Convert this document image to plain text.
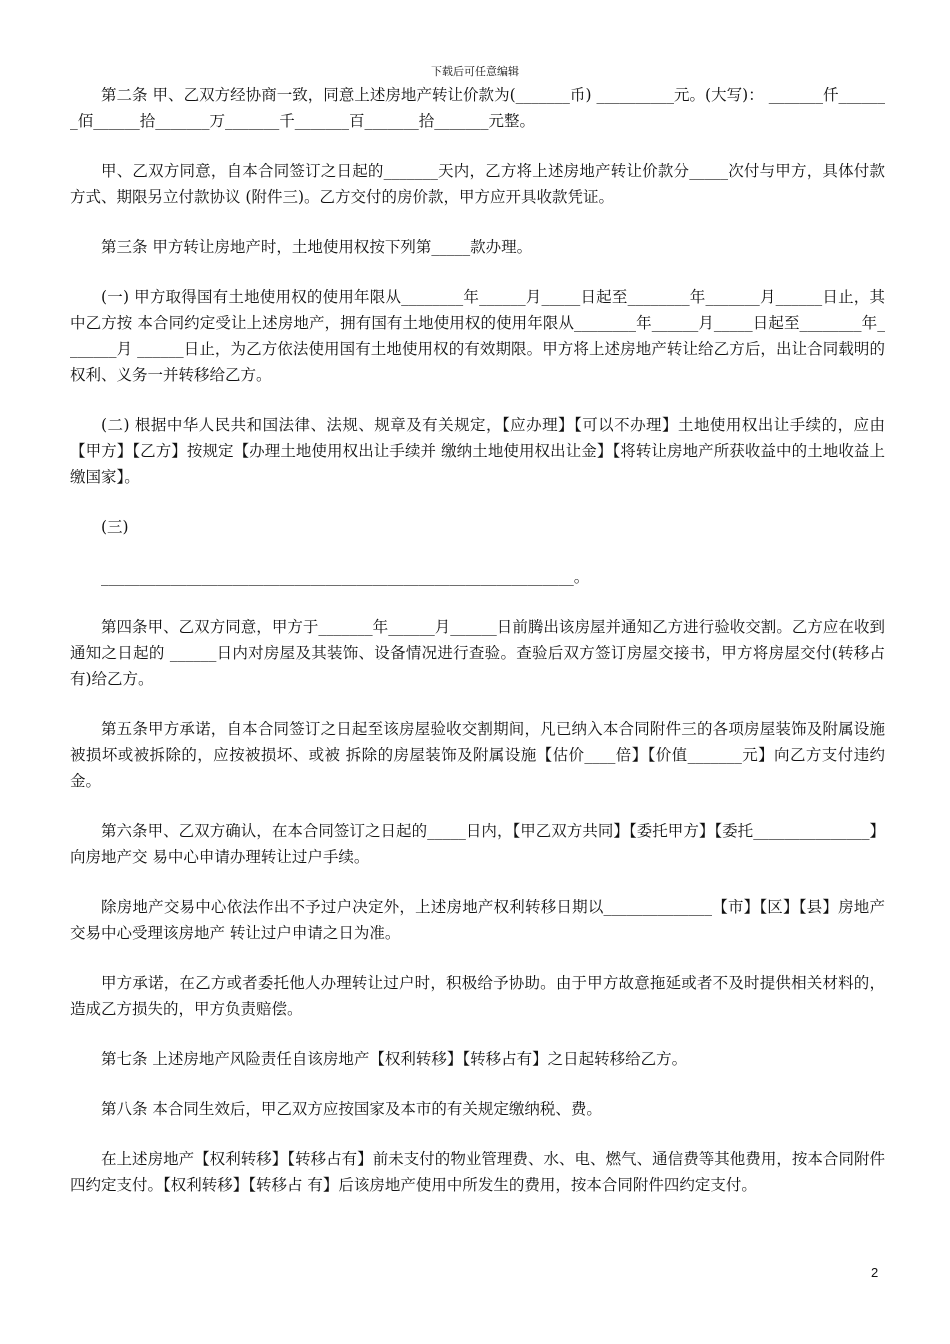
下载后可任意编辑

第二条 甲、乙双方经协商一致，同意上述房地产转让价款为(_______币) __________元。(大写)： _______仟_______佰______拾_______万_______千_______百_______拾_______元整。

甲、乙双方同意，自本合同签订之日起的_______天内，乙方将上述房地产转让价款分_____次付与甲方，具体付款方式、期限另立付款协议 (附件三)。乙方交付的房价款，甲方应开具收款凭证。

第三条 甲方转让房地产时，土地使用权按下列第_____款办理。

(一) 甲方取得国有土地使用权的使用年限从________年______月_____日起至________年_______月______日止，其中乙方按 本合同约定受让上述房地产，拥有国有土地使用权的使用年限从________年______月_____日起至________年_______月 ______日止，为乙方依法使用国有土地使用权的有效期限。甲方将上述房地产转让给乙方后，出让合同载明的权利、义务一并转移给乙方。

(二) 根据中华人民共和国法律、法规、规章及有关规定，【应办理】【可以不办理】土地使用权出让手续的，应由【甲方】【乙方】按规定【办理土地使用权出让手续并 缴纳土地使用权出让金】【将转让房地产所获收益中的土地收益上缴国家】。

(三)

_____________________________________________________________。

第四条甲、乙双方同意，甲方于_______年______月______日前腾出该房屋并通知乙方进行验收交割。乙方应在收到通知之日起的 ______日内对房屋及其装饰、设备情况进行查验。查验后双方签订房屋交接书，甲方将房屋交付(转移占有)给乙方。

第五条甲方承诺，自本合同签订之日起至该房屋验收交割期间，凡已纳入本合同附件三的各项房屋装饰及附属设施被损坏或被拆除的，应按被损坏、或被 拆除的房屋装饰及附属设施【估价____倍】【价值_______元】向乙方支付违约金。

第六条甲、乙双方确认，在本合同签订之日起的_____日内，【甲乙双方共同】【委托甲方】【委托_______________】向房地产交 易中心申请办理转让过户手续。

除房地产交易中心依法作出不予过户决定外，上述房地产权利转移日期以______________【市】【区】【县】房地产交易中心受理该房地产 转让过户申请之日为准。

甲方承诺，在乙方或者委托他人办理转让过户时，积极给予协助。由于甲方故意拖延或者不及时提供相关材料的，造成乙方损失的，甲方负责赔偿。

第七条 上述房地产风险责任自该房地产【权利转移】【转移占有】之日起转移给乙方。

第八条 本合同生效后，甲乙双方应按国家及本市的有关规定缴纳税、费。

在上述房地产【权利转移】【转移占有】前未支付的物业管理费、水、电、燃气、通信费等其他费用，按本合同附件四约定支付。【权利转移】【转移占 有】后该房地产使用中所发生的费用，按本合同附件四约定支付。

2
